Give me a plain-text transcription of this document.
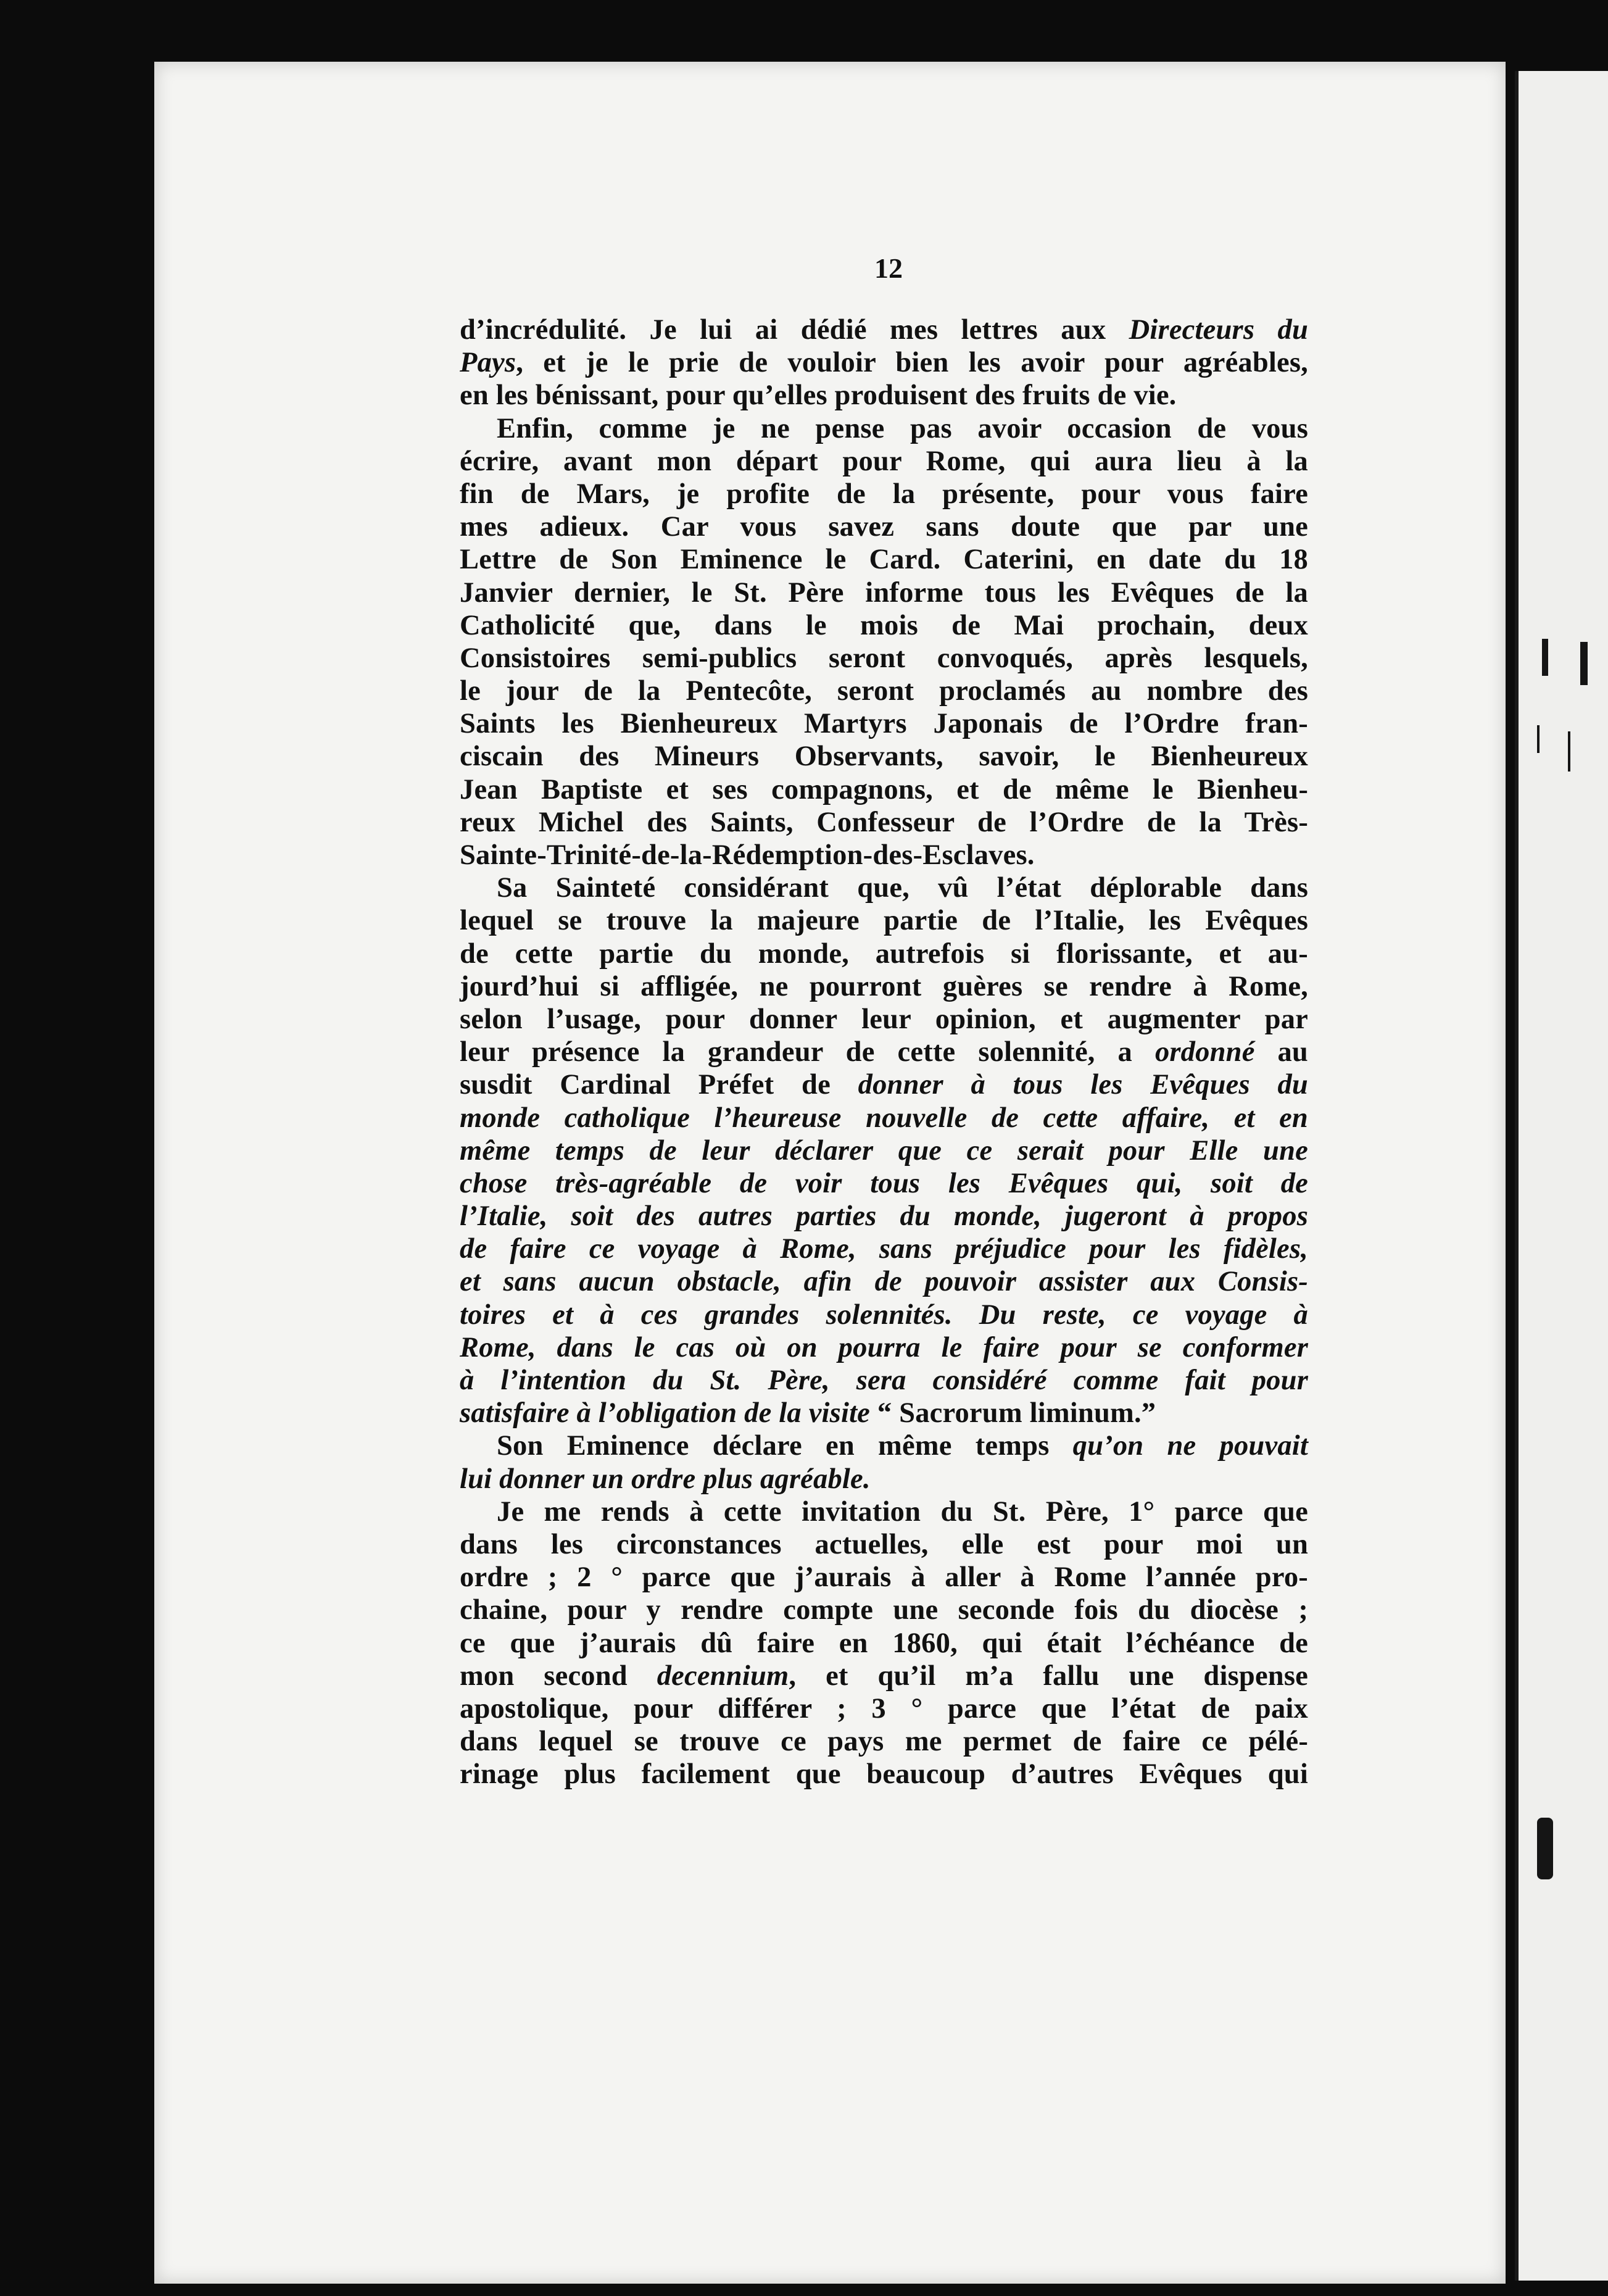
12
d’incrédulité. Je lui ai dédié mes lettres aux Directeurs du
Pays, et je le prie de vouloir bien les avoir pour agréables,
en les bénissant, pour qu’elles produisent des fruits de vie.
Enfin, comme je ne pense pas avoir occasion de vous
écrire, avant mon départ pour Rome, qui aura lieu à la
fin de Mars, je profite de la présente, pour vous faire
mes adieux. Car vous savez sans doute que par une
Lettre de Son Eminence le Card. Caterini, en date du 18
Janvier dernier, le St. Père informe tous les Evêques de la
Catholicité que, dans le mois de Mai prochain, deux
Consistoires semi-publics seront convoqués, après lesquels,
le jour de la Pentecôte, seront proclamés au nombre des
Saints les Bienheureux Martyrs Japonais de l’Ordre fran-
ciscain des Mineurs Observants, savoir, le Bienheureux
Jean Baptiste et ses compagnons, et de même le Bienheu-
reux Michel des Saints, Confesseur de l’Ordre de la Très-
Sainte-Trinité-de-la-Rédemption-des-Esclaves.
Sa Sainteté considérant que, vû l’état déplorable dans
lequel se trouve la majeure partie de l’Italie, les Evêques
de cette partie du monde, autrefois si florissante, et au-
jourd’hui si affligée, ne pourront guères se rendre à Rome,
selon l’usage, pour donner leur opinion, et augmenter par
leur présence la grandeur de cette solennité, a ordonné au
susdit Cardinal Préfet de donner à tous les Evêques du
monde catholique l’heureuse nouvelle de cette affaire, et en
même temps de leur déclarer que ce serait pour Elle une
chose très-agréable de voir tous les Evêques qui, soit de
l’Italie, soit des autres parties du monde, jugeront à propos
de faire ce voyage à Rome, sans préjudice pour les fidèles,
et sans aucun obstacle, afin de pouvoir assister aux Consis-
toires et à ces grandes solennités. Du reste, ce voyage à
Rome, dans le cas où on pourra le faire pour se conformer
à l’intention du St. Père, sera considéré comme fait pour
satisfaire à l’obligation de la visite “ Sacrorum liminum.”
Son Eminence déclare en même temps qu’on ne pouvait
lui donner un ordre plus agréable.
Je me rends à cette invitation du St. Père, 1° parce que
dans les circonstances actuelles, elle est pour moi un
ordre ; 2 ° parce que j’aurais à aller à Rome l’année pro-
chaine, pour y rendre compte une seconde fois du diocèse ;
ce que j’aurais dû faire en 1860, qui était l’échéance de
mon second decennium, et qu’il m’a fallu une dispense
apostolique, pour différer ; 3 ° parce que l’état de paix
dans lequel se trouve ce pays me permet de faire ce pélé-
rinage plus facilement que beaucoup d’autres Evêques qui
